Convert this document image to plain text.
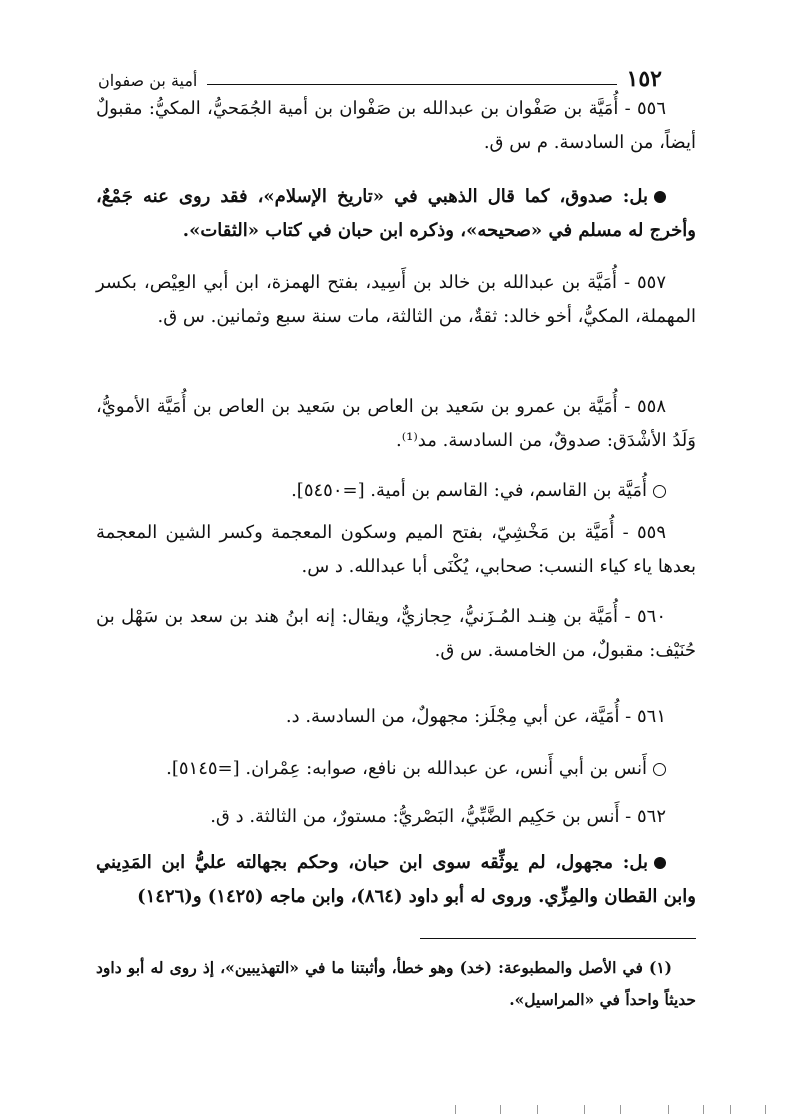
١٥٢
أمية بن صفوان

٥٥٦ - أُمَيَّة بن صَفْوان بن عبدالله بن صَفْوان بن أمية الجُمَحيُّ، المكيُّ: مقبولٌ أيضاً، من السادسة. م س ق.

بل: صدوق، كما قال الذهبي في «تاريخ الإسلام»، فقد روى عنه جَمْعٌ، وأخرج له مسلم في «صحيحه»، وذكره ابن حبان في كتاب «الثقات».

٥٥٧ - أُمَيَّة بن عبدالله بن خالد بن أَسِيد، بفتح الهمزة، ابن أبي العِيْص، بكسر المهملة، المكيُّ، أخو خالد: ثقةٌ، من الثالثة، مات سنة سبع وثمانين. س ق.

٥٥٨ - أُمَيَّة بن عمرو بن سَعيد بن العاص بن سَعيد بن العاص بن أُمَيَّة الأمويُّ، وَلَدُ الأشْدَق: صدوقٌ، من السادسة. مد⁽¹⁾.

أُمَيَّة بن القاسم، في: القاسم بن أمية. [=٥٤٥٠].

٥٥٩ - أُمَيَّة بن مَخْشِيّ، بفتح الميم وسكون المعجمة وكسر الشين المعجمة بعدها ياء كياء النسب: صحابي، يُكْنَى أبا عبدالله. د س.

٥٦٠ - أُمَيَّة بن هِنـد المُـزَنيُّ، حِجازيٌّ، ويقال: إنه ابنُ هند بن سعد بن سَهْل بن حُنَيْف: مقبولٌ، من الخامسة. س ق.

٥٦١ - أُمَيَّة، عن أبي مِجْلَز: مجهولٌ، من السادسة. د.

أَنس بن أبي أَنس، عن عبدالله بن نافع، صوابه: عِمْران. [=٥١٤٥].

٥٦٢ - أَنس بن حَكِيم الضَّبِّيُّ، البَصْريُّ: مستورٌ، من الثالثة. د ق.

بل: مجهول، لم يوثِّقه سوى ابن حبان، وحكم بجهالته عليُّ ابن المَدِيني وابن القطان والمِزِّي. وروى له أبو داود (٨٦٤)، وابن ماجه (١٤٢٥) و(١٤٢٦)

(١) في الأصل والمطبوعة: (خد) وهو خطأ، وأثبتنا ما في «التهذيبين»، إذ روى له أبو داود حديثاً واحداً في «المراسيل».
